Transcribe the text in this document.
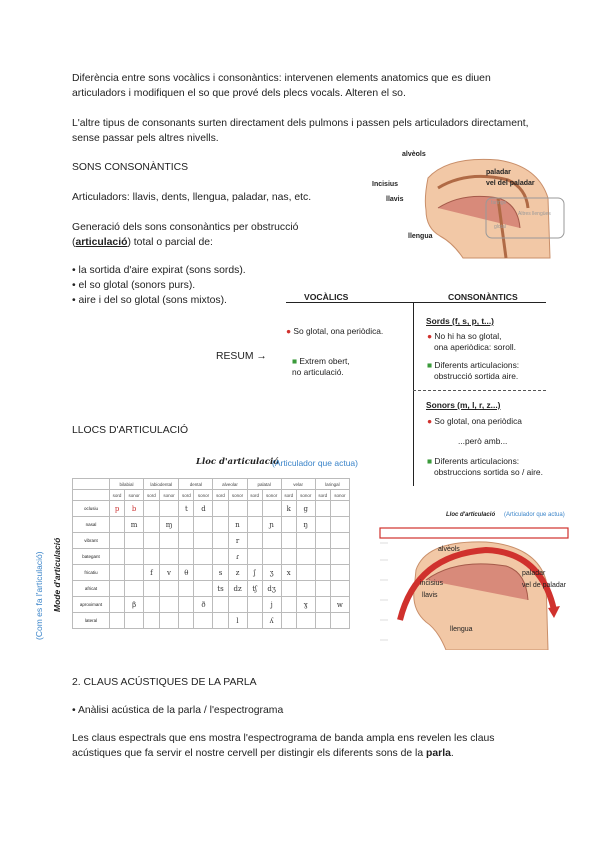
Diferència entre sons vocàlics i consonàntics: intervenen elements anatomics que es diuen articuladors i modifiquen el so que prové dels plecs vocals. Alteren el so.
L'altre tipus de consonants surten directament dels pulmons i passen pels articuladors directament, sense passar pels altres nivells.
SONS CONSONÀNTICS
Articuladors: llavis, dents, llengua, paladar, nas, etc.
Generació dels sons consonàntics per obstrucció (articulació) total o parcial de:
• la sortida d'aire expirat (sons sords).
• el so glotal (sonors purs).
• aire i del so glotal (sons mixtos).
alvèols
paladar
vel del paladar
Incisius
llavis
llengua
faringe
Altres llengües
glotal
VOCÀLICS	CONSONÀNTICS
● So glotal, ona periòdica.
■ Extrem obert,
no articulació.
Sords (f, s, p, t...)
● No hi ha so glotal,
ona aperiòdica: soroll.
■ Diferents articulacions:
obstrucció sortida aire.
Sonors (m, l, r, z...)
● So glotal, ona periòdica
...però amb...
■ Diferents articulacions:
obstruccions sortida so / aire.
RESUM →
LLOCS D'ARTICULACIÓ
Lloc d'articulació
(Articulador que actua)
(Com es fa l'articulació) Mode d'articulació
	bilabial		labiodental		dental		alveolar		palatal		velar		laringal	
	sord	sonor	sord	sonor	sord	sonor	sord	sonor	sord	sonor	sord	sonor	sord	sonor
oclusiu	p	b			t	d					k	g		
nasal		m		ɱ				n		ɲ		ŋ		
vibrant								r						
bategant								ɾ						
fricatiu			f	v	θ		s	z	ʃ	ʒ	x			
africat							ts	dz	tʃ	dʒ				
aproximant		β				ð				j		ɣ		w
lateral								l		ʎ				
Lloc d'articulació (Articulador que actua)
alvèols
paladar
vel de paladar
incisius
llavis
llengua
2. CLAUS ACÚSTIQUES DE LA PARLA
• Anàlisi acústica de la parla / l'espectrograma
Les claus espectrals que ens mostra l'espectrograma de banda ampla ens revelen les claus acústiques que fa servir el nostre cervell per distingir els diferents sons de la parla.
